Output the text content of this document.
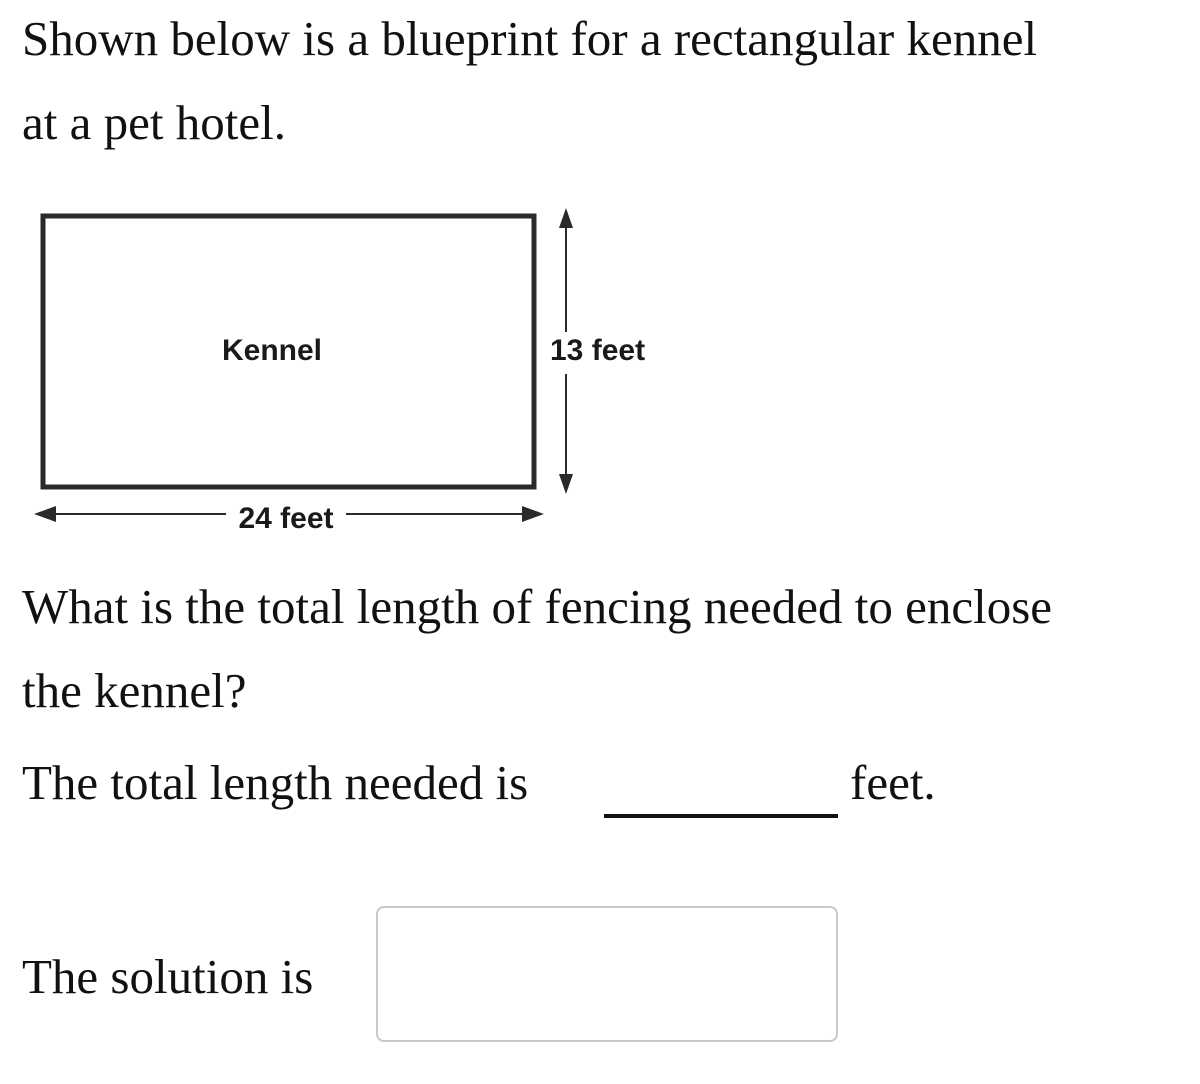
Shown below is a blueprint for a rectangular kennel
at a pet hotel.
Kennel	13 feet
24 feet
What is the total length of fencing needed to enclose
the kennel?
The total length needed is	feet.
The solution is
